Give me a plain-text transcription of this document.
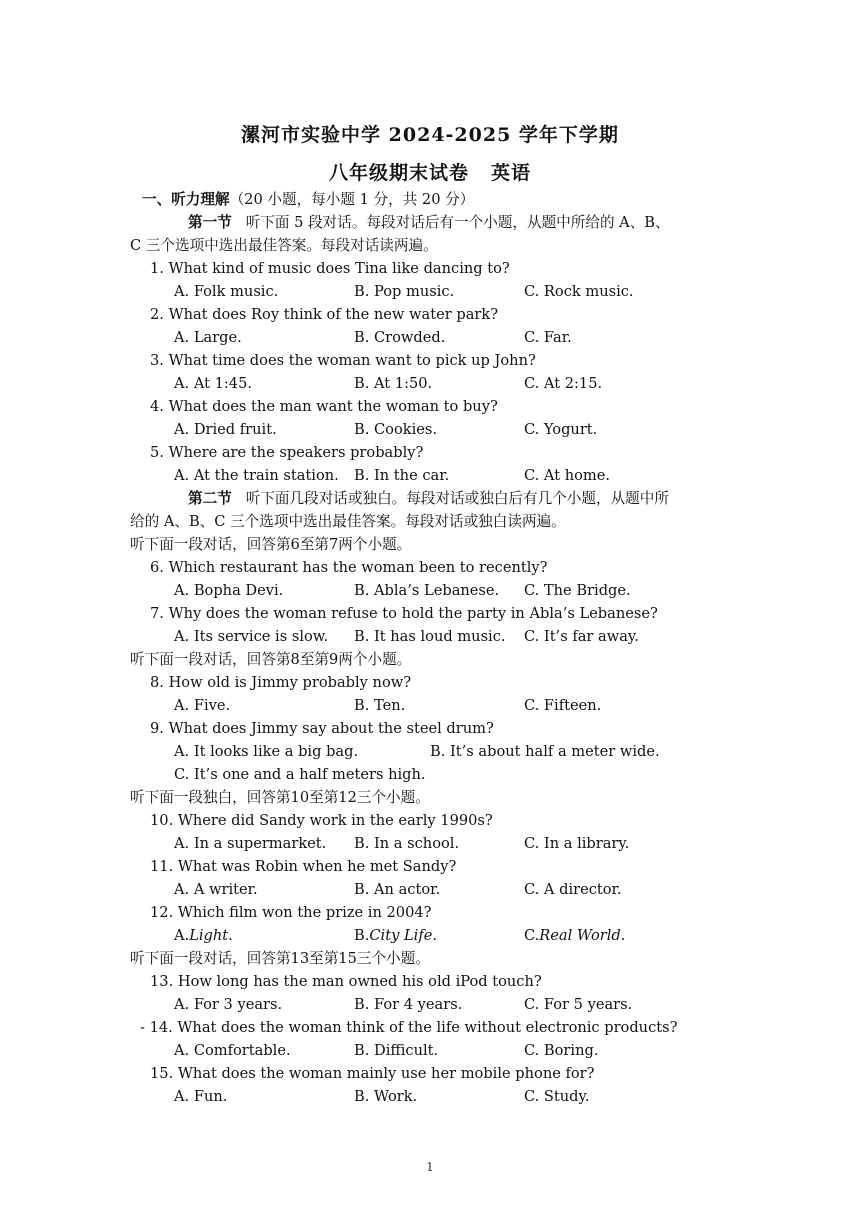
漯河市实验中学 2024-2025 学年下学期
八年级期末试卷 英语
一、听力理解（20 小题，每小题 1 分，共 20 分）
第一节 听下面 5 段对话。每段对话后有一个小题，从题中所给的 A、B、
C 三个选项中选出最佳答案。每段对话读两遍。
1. What kind of music does Tina like dancing to?
A. Folk music.	B. Pop music.	C. Rock music.
2. What does Roy think of the new water park?
A. Large.	B. Crowded.	C. Far.
3. What time does the woman want to pick up John?
A. At 1:45.	B. At 1:50.	C. At 2:15.
4. What does the man want the woman to buy?
A. Dried fruit.	B. Cookies.	C. Yogurt.
5. Where are the speakers probably?
A. At the train station.	B. In the car.	C. At home.
第二节 听下面几段对话或独白。每段对话或独白后有几个小题，从题中所
给的 A、B、C 三个选项中选出最佳答案。每段对话或独白读两遍。
听下面一段对话，回答第6至第7两个小题。
6. Which restaurant has the woman been to recently?
A. Bopha Devi.	B. Abla’s Lebanese.	C. The Bridge.
7. Why does the woman refuse to hold the party in Abla’s Lebanese?
A. Its service is slow.	B. It has loud music.	C. It’s far away.
听下面一段对话，回答第8至第9两个小题。
8. How old is Jimmy probably now?
A. Five.	B. Ten.	C. Fifteen.
9. What does Jimmy say about the steel drum?
A. It looks like a big bag.	B. It’s about half a meter wide.
C. It’s one and a half meters high.
听下面一段独白，回答第10至第12三个小题。
10. Where did Sandy work in the early 1990s?
A. In a supermarket.	B. In a school.	C. In a library.
11. What was Robin when he met Sandy?
A. A writer.	B. An actor.	C. A director.
12. Which film won the prize in 2004?
A.Light.	B.City Life.	C.Real World.
听下面一段对话，回答第13至第15三个小题。
13. How long has the man owned his old iPod touch?
A. For 3 years.	B. For 4 years.	C. For 5 years.
- 14. What does the woman think of the life without electronic products?
A. Comfortable.	B. Difficult.	C. Boring.
15. What does the woman mainly use her mobile phone for?
A. Fun.	B. Work.	C. Study.
1
